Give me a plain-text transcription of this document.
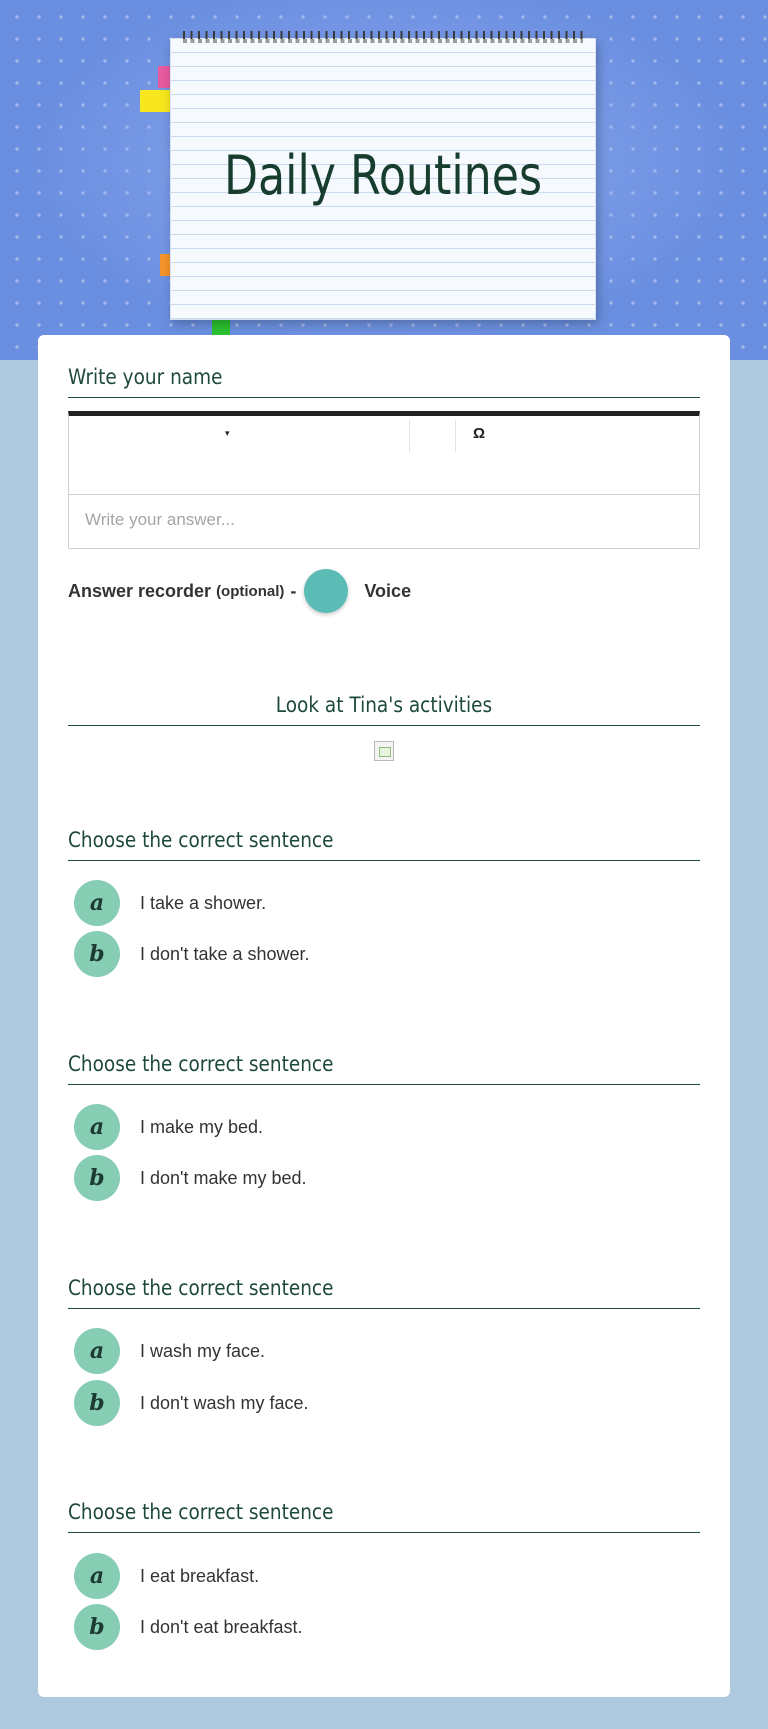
Daily Routines
Write your name
▾	Ω
Write your answer...
Answer recorder (optional) -	Voice
Look at Tina's activities
Choose the correct sentence
a	I take a shower.
b	I don't take a shower.
Choose the correct sentence
a	I make my bed.
b	I don't make my bed.
Choose the correct sentence
a	I wash my face.
b	I don't wash my face.
Choose the correct sentence
a	I eat breakfast.
b	I don't eat breakfast.
